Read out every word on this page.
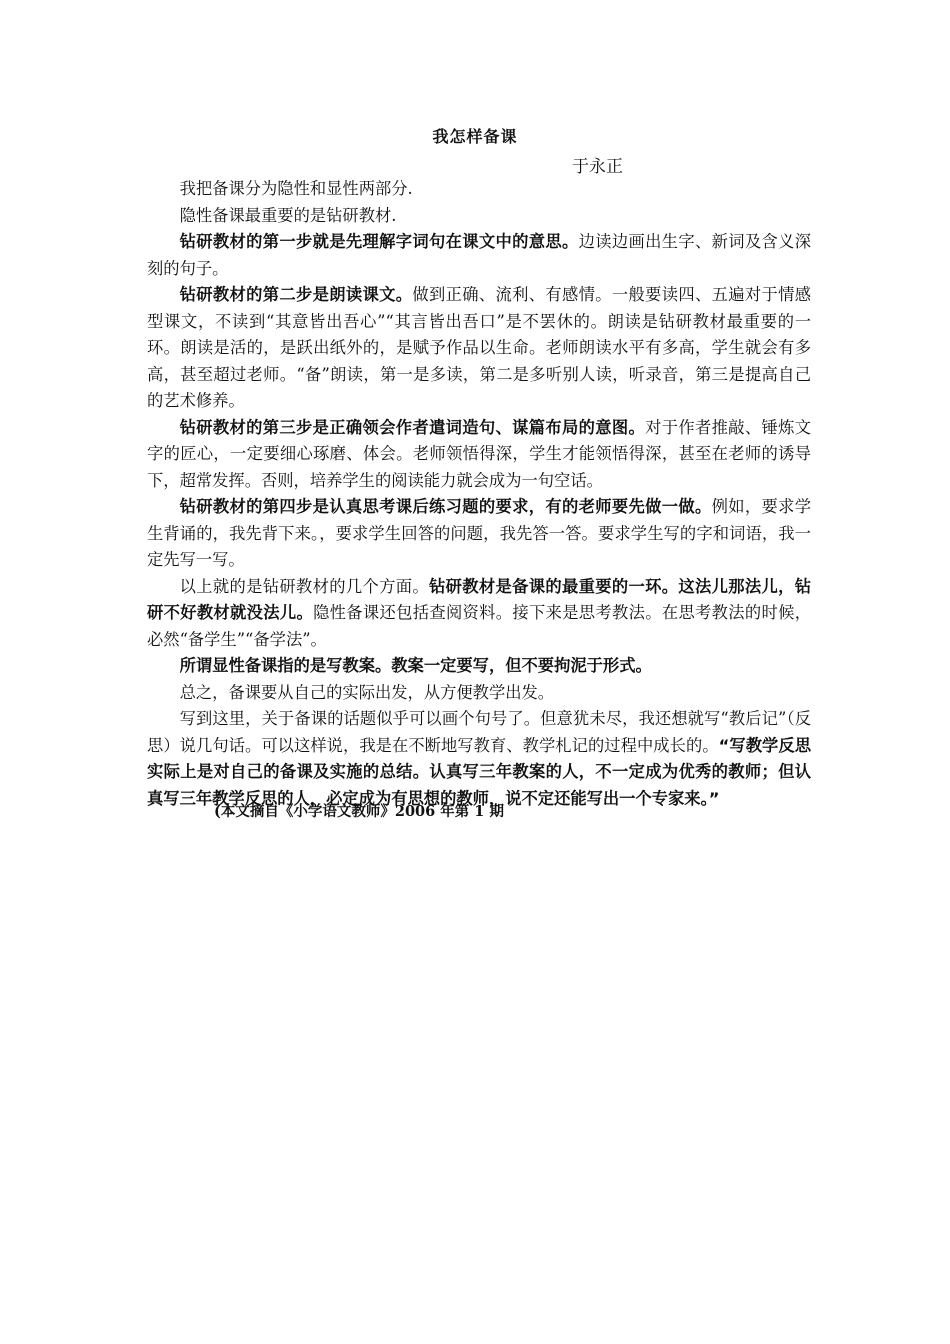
我怎样备课
于永正

我把备课分为隐性和显性两部分.

隐性备课最重要的是钻研教材.

钻研教材的第一步就是先理解字词句在课文中的意思。边读边画出生字、新词及含义深刻的句子。

钻研教材的第二步是朗读课文。做到正确、流利、有感情。一般要读四、五遍对于情感型课文，不读到“其意皆出吾心”“其言皆出吾口”是不罢休的。朗读是钻研教材最重要的一环。朗读是活的，是跃出纸外的，是赋予作品以生命。老师朗读水平有多高，学生就会有多高，甚至超过老师。“备”朗读，第一是多读，第二是多听别人读，听录音，第三是提高自己的艺术修养。

钻研教材的第三步是正确领会作者遣词造句、谋篇布局的意图。对于作者推敲、锤炼文字的匠心，一定要细心琢磨、体会。老师领悟得深，学生才能领悟得深，甚至在老师的诱导下，超常发挥。否则，培养学生的阅读能力就会成为一句空话。

钻研教材的第四步是认真思考课后练习题的要求，有的老师要先做一做。例如，要求学生背诵的，我先背下来。，要求学生回答的问题，我先答一答。要求学生写的字和词语，我一定先写一写。

以上就的是钻研教材的几个方面。钻研教材是备课的最重要的一环。这法儿那法儿，钻研不好教材就没法儿。隐性备课还包括查阅资料。接下来是思考教法。在思考教法的时候，必然“备学生”“备学法”。

所谓显性备课指的是写教案。教案一定要写，但不要拘泥于形式。

总之，备课要从自己的实际出发，从方便教学出发。

写到这里，关于备课的话题似乎可以画个句号了。但意犹未尽，我还想就写“教后记”（反思）说几句话。可以这样说，我是在不断地写教育、教学札记的过程中成长的。“写教学反思实际上是对自己的备课及实施的总结。认真写三年教案的人，不一定成为优秀的教师；但认真写三年教学反思的人，必定成为有思想的教师，说不定还能写出一个专家来。”

(本文摘自《小学语文教师》2006 年第 1 期
